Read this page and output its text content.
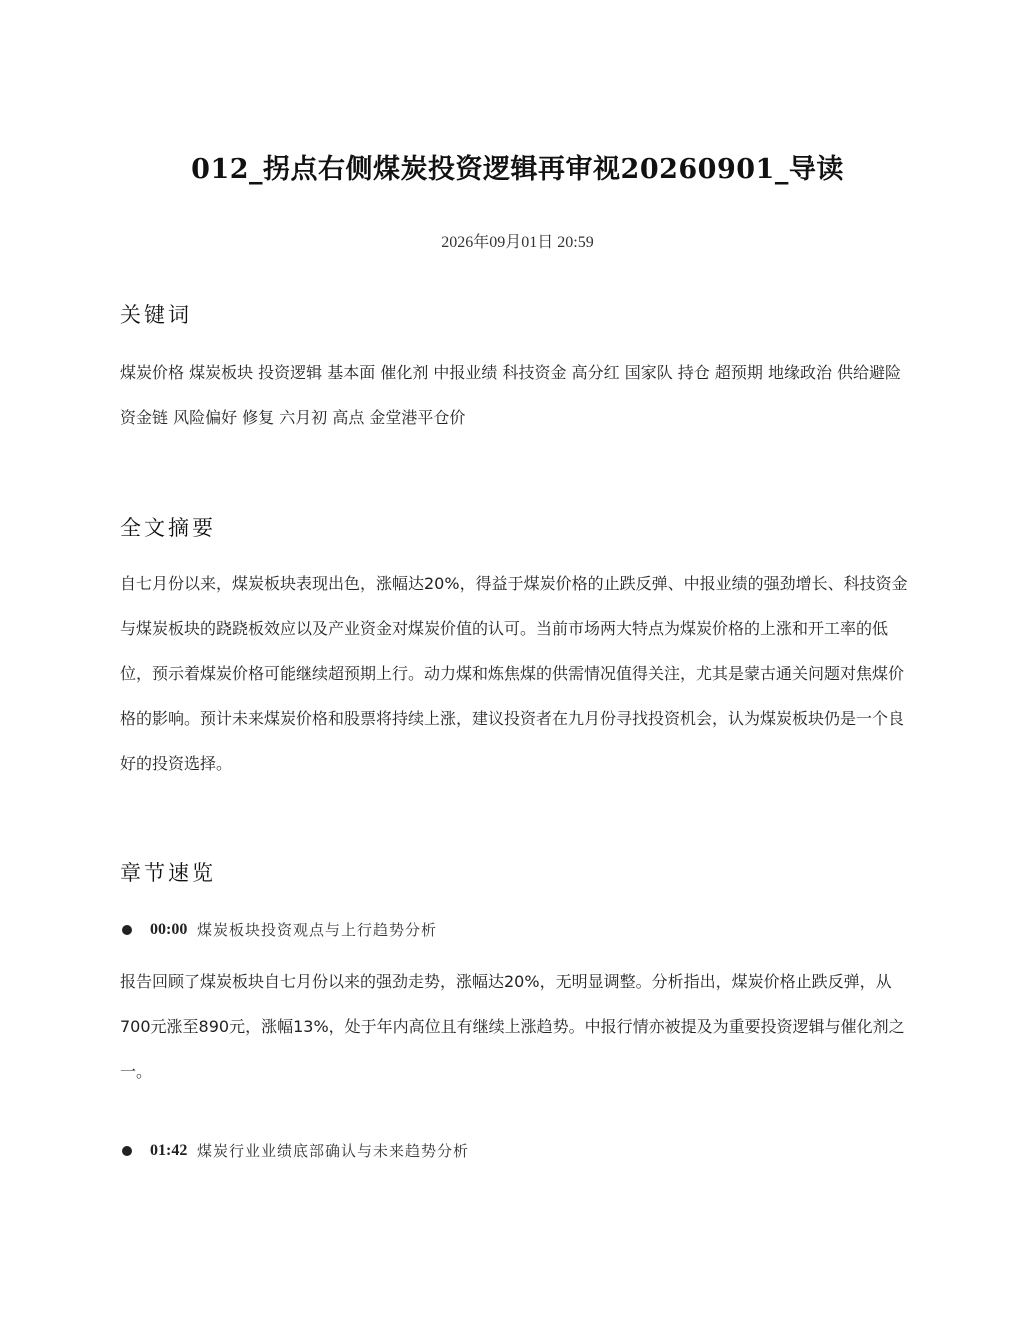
012_拐点右侧煤炭投资逻辑再审视20260901_导读
2026年09月01日 20:59
关键词
煤炭价格 煤炭板块 投资逻辑 基本面 催化剂 中报业绩 科技资金 高分红 国家队 持仓 超预期 地缘政治 供给避险 资金链 风险偏好 修复 六月初 高点 金堂港平仓价
全文摘要
自七月份以来，煤炭板块表现出色，涨幅达20%，得益于煤炭价格的止跌反弹、中报业绩的强劲增长、科技资金与煤炭板块的跷跷板效应以及产业资金对煤炭价值的认可。当前市场两大特点为煤炭价格的上涨和开工率的低位，预示着煤炭价格可能继续超预期上行。动力煤和炼焦煤的供需情况值得关注，尤其是蒙古通关问题对焦煤价格的影响。预计未来煤炭价格和股票将持续上涨，建议投资者在九月份寻找投资机会，认为煤炭板块仍是一个良好的投资选择。
章节速览
00:00 煤炭板块投资观点与上行趋势分析
报告回顾了煤炭板块自七月份以来的强劲走势，涨幅达20%，无明显调整。分析指出，煤炭价格止跌反弹，从700元涨至890元，涨幅13%，处于年内高位且有继续上涨趋势。中报行情亦被提及为重要投资逻辑与催化剂之一。
01:42 煤炭行业业绩底部确认与未来趋势分析
